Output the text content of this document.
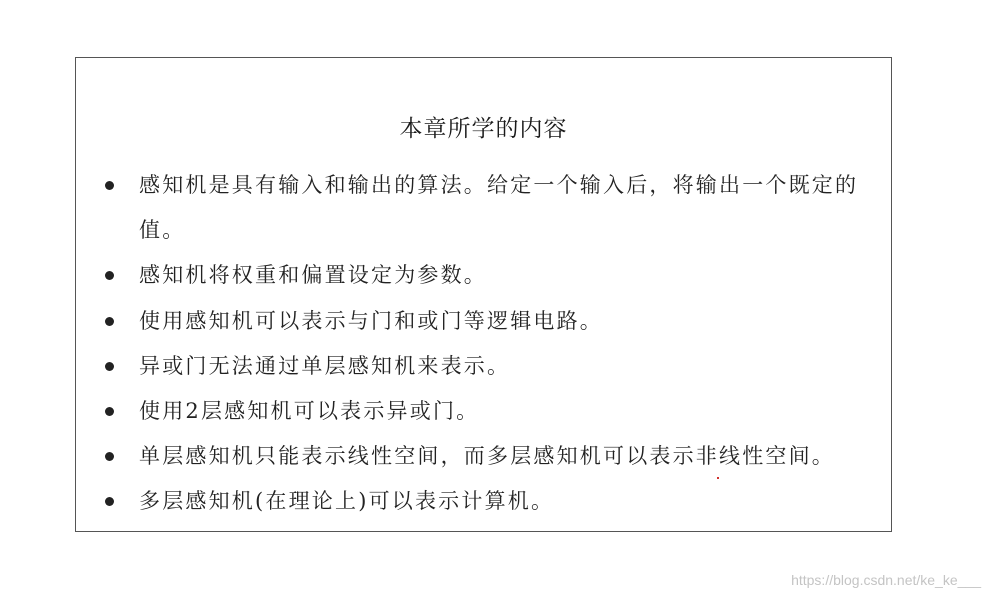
本章所学的内容
感知机是具有输入和输出的算法。给定一个输入后，将输出一个既定的值。
感知机将权重和偏置设定为参数。
使用感知机可以表示与门和或门等逻辑电路。
异或门无法通过单层感知机来表示。
使用2层感知机可以表示异或门。
单层感知机只能表示线性空间，而多层感知机可以表示非线性空间。
多层感知机(在理论上)可以表示计算机。
https://blog.csdn.net/ke_ke___
